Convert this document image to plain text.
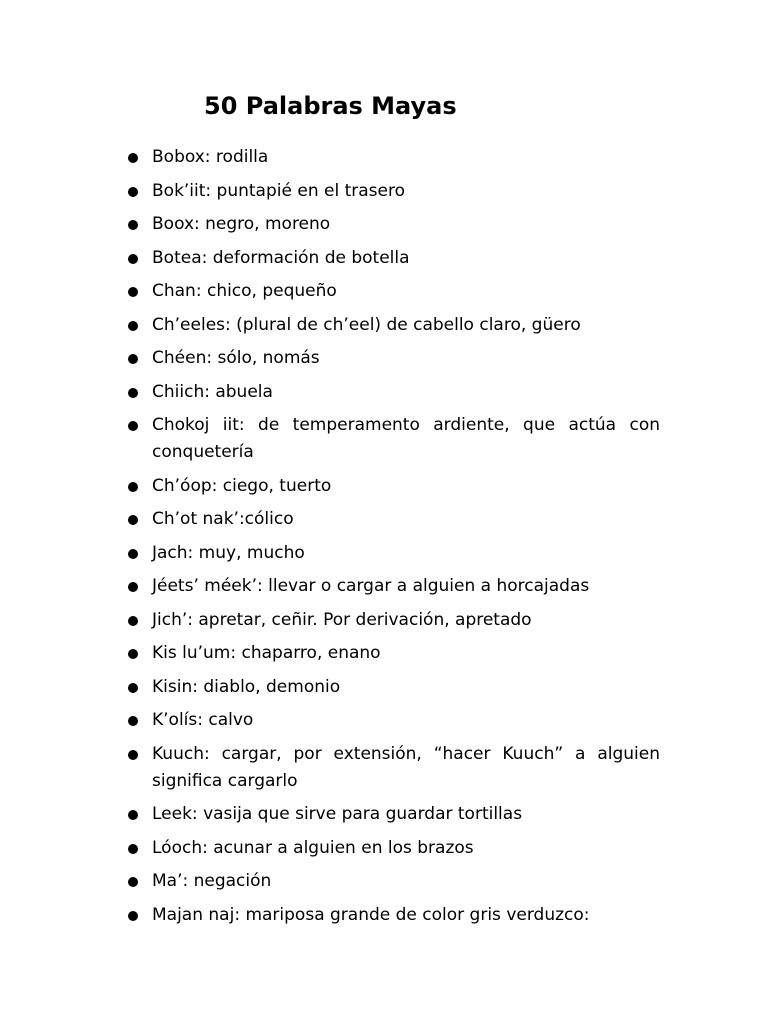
50 Palabras Mayas
Bobox: rodilla
Bok’iit: puntapié en el trasero
Boox: negro, moreno
Botea: deformación de botella
Chan: chico, pequeño
Ch’eeles: (plural de ch’eel) de cabello claro, güero
Chéen: sólo, nomás
Chiich: abuela
Chokoj iit: de temperamento ardiente, que actúa con conquetería
Ch’óop: ciego, tuerto
Ch’ot nak’:cólico
Jach: muy, mucho
Jéets’ méek’: llevar o cargar a alguien a horcajadas
Jich’: apretar, ceñir. Por derivación, apretado
Kis lu’um: chaparro, enano
Kisin: diablo, demonio
K’olís: calvo
Kuuch: cargar, por extensión, “hacer Kuuch” a alguien significa cargarlo
Leek: vasija que sirve para guardar tortillas
Lóoch: acunar a alguien en los brazos
Ma’: negación
Majan naj: mariposa grande de color gris verduzco:
